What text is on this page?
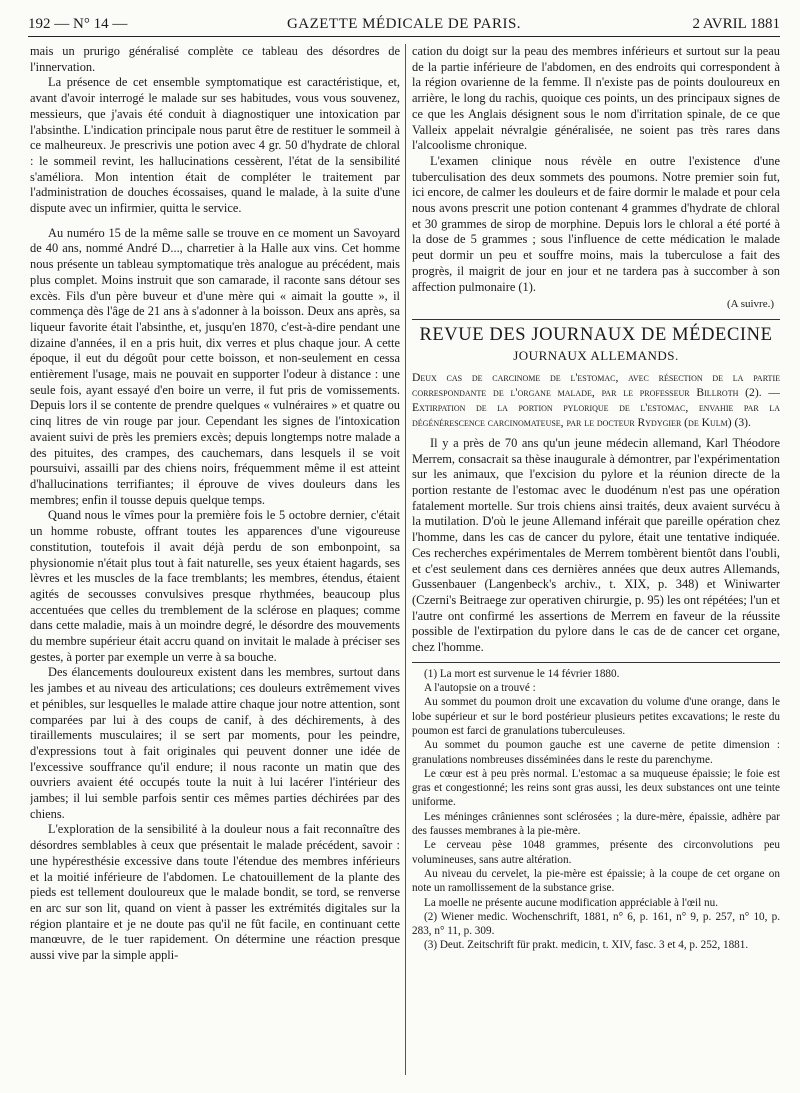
192 — N° 14 —	GAZETTE MÉDICALE DE PARIS.	2 AVRIL 1881

mais un prurigo généralisé complète ce tableau des désordres de l'innervation.

La présence de cet ensemble symptomatique est caractéristique, et, avant d'avoir interrogé le malade sur ses habitudes, vous vous souvenez, messieurs, que j'avais été conduit à diagnostiquer une intoxication par l'absinthe. L'indication principale nous parut être de restituer le sommeil à ce malheureux. Je prescrivis une potion avec 4 gr. 50 d'hydrate de chloral : le sommeil revint, les hallucinations cessèrent, l'état de la sensibilité s'améliora. Mon intention était de compléter le traitement par l'administration de douches écossaises, quand le malade, à la suite d'une dispute avec un infirmier, quitta le service.

Au numéro 15 de la même salle se trouve en ce moment un Savoyard de 40 ans, nommé André D..., charretier à la Halle aux vins. Cet homme nous présente un tableau symptomatique très analogue au précédent, mais plus complet. Moins instruit que son camarade, il raconte sans détour ses excès. Fils d'un père buveur et d'une mère qui « aimait la goutte », il commença dès l'âge de 21 ans à s'adonner à la boisson. Deux ans après, sa liqueur favorite était l'absinthe, et, jusqu'en 1870, c'est-à-dire pendant une dizaine d'années, il en a pris huit, dix verres et plus chaque jour. A cette époque, il eut du dégoût pour cette boisson, et non-seulement en cessa entièrement l'usage, mais ne pouvait en supporter l'odeur à distance : une seule fois, ayant essayé d'en boire un verre, il fut pris de vomissements. Depuis lors il se contente de prendre quelques « vulnéraires » et quatre ou cinq litres de vin rouge par jour. Cependant les signes de l'intoxication avaient suivi de près les premiers excès; depuis longtemps notre malade a des pituites, des crampes, des cauchemars, dans lesquels il se voit poursuivi, assailli par des chiens noirs, fréquemment même il est atteint d'hallucinations terrifiantes; il éprouve de vives douleurs dans les membres; enfin il tousse depuis quelque temps.

Quand nous le vîmes pour la première fois le 5 octobre dernier, c'était un homme robuste, offrant toutes les apparences d'une vigoureuse constitution, toutefois il avait déjà perdu de son embonpoint, sa physionomie n'était plus tout à fait naturelle, ses yeux étaient hagards, ses lèvres et les muscles de la face tremblants; les membres, étendus, étaient agités de secousses convulsives presque rhythmées, beaucoup plus accentuées que celles du tremblement de la sclérose en plaques; comme dans cette maladie, mais à un moindre degré, le désordre des mouvements du membre supérieur était accru quand on invitait le malade à préciser ses gestes, à porter par exemple un verre à sa bouche.

Des élancements douloureux existent dans les membres, surtout dans les jambes et au niveau des articulations; ces douleurs extrêmement vives et pénibles, sur lesquelles le malade attire chaque jour notre attention, sont comparées par lui à des coups de canif, à des déchirements, à des tiraillements musculaires; il se sert par moments, pour les peindre, d'expressions tout à fait originales qui peuvent donner une idée de l'excessive souffrance qu'il endure; il nous raconte un matin que des ouvriers avaient été occupés toute la nuit à lui lacérer l'intérieur des jambes; il lui semble parfois sentir ces mêmes parties déchirées par des chiens.

L'exploration de la sensibilité à la douleur nous a fait reconnaître des désordres semblables à ceux que présentait le malade précédent, savoir : une hypéresthésie excessive dans toute l'étendue des membres inférieurs et la moitié inférieure de l'abdomen. Le chatouillement de la plante des pieds est tellement douloureux que le malade bondit, se tord, se renverse en arc sur son lit, quand on vient à passer les extrémités digitales sur la région plantaire et je ne doute pas qu'il ne fût facile, en continuant cette manœuvre, de le tuer rapidement. On détermine une réaction presque aussi vive par la simple appli-

cation du doigt sur la peau des membres inférieurs et surtout sur la peau de la partie inférieure de l'abdomen, en des endroits qui correspondent à la région ovarienne de la femme. Il n'existe pas de points douloureux en arrière, le long du rachis, quoique ces points, un des principaux signes de ce que les Anglais désignent sous le nom d'irritation spinale, de ce que Valleix appelait névralgie généralisée, ne soient pas très rares dans l'alcoolisme chronique.

L'examen clinique nous révèle en outre l'existence d'une tuberculisation des deux sommets des poumons. Notre premier soin fut, ici encore, de calmer les douleurs et de faire dormir le malade et pour cela nous avons prescrit une potion contenant 4 grammes d'hydrate de chloral et 30 grammes de sirop de morphine. Depuis lors le chloral a été porté à la dose de 5 grammes ; sous l'influence de cette médication le malade peut dormir un peu et souffre moins, mais la tuberculose a fait des progrès, il maigrit de jour en jour et ne tardera pas à succomber à son affection pulmonaire (1).

(A suivre.)
REVUE DES JOURNAUX DE MÉDECINE
JOURNAUX ALLEMANDS.
Deux cas de carcinome de l'estomac, avec résection de la partie correspondante de l'organe malade, par le professeur Billroth (2). — Extirpation de la portion pylorique de l'estomac, envahie par la dégénérescence carcinomateuse, par le docteur Rydygier (de Kulm) (3).

Il y a près de 70 ans qu'un jeune médecin allemand, Karl Théodore Merrem, consacrait sa thèse inaugurale à démontrer, par l'expérimentation sur les animaux, que l'excision du pylore et la réunion directe de la portion restante de l'estomac avec le duodénum n'est pas une opération fatalement mortelle. Sur trois chiens ainsi traités, deux avaient survécu à la mutilation. D'où le jeune Allemand inférait que pareille opération chez l'homme, dans les cas de cancer du pylore, était une tentative indiquée. Ces recherches expérimentales de Merrem tombèrent bientôt dans l'oubli, et c'est seulement dans ces dernières années que deux autres Allemands, Gussenbauer (Langenbeck's archiv., t. XIX, p. 348) et Winiwarter (Czerni's Beitraege zur operativen chirurgie, p. 95) les ont répétées; l'un et l'autre ont confirmé les assertions de Merrem en faveur de la réussite possible de l'extirpation du pylore dans le cas de de cancer cet organe, chez l'homme.

(1) La mort est survenue le 14 février 1880.

A l'autopsie on a trouvé :

Au sommet du poumon droit une excavation du volume d'une orange, dans le lobe supérieur et sur le bord postérieur plusieurs petites excavations; le reste du poumon est farci de granulations tuberculeuses.

Au sommet du poumon gauche est une caverne de petite dimension : granulations nombreuses disséminées dans le reste du parenchyme.

Le cœur est à peu près normal. L'estomac a sa muqueuse épaissie; le foie est gras et congestionné; les reins sont gras aussi, les deux substances ont une teinte uniforme.

Les méninges crâniennes sont sclérosées ; la dure-mère, épaissie, adhère par des fausses membranes à la pie-mère.

Le cerveau pèse 1048 grammes, présente des circonvolutions peu volumineuses, sans autre altération.

Au niveau du cervelet, la pie-mère est épaissie; à la coupe de cet organe on note un ramollissement de la substance grise.

La moelle ne présente aucune modification appréciable à l'œil nu.

(2) Wiener medic. Wochenschrift, 1881, n° 6, p. 161, n° 9, p. 257, n° 10, p. 283, n° 11, p. 309.

(3) Deut. Zeitschrift für prakt. medicin, t. XIV, fasc. 3 et 4, p. 252, 1881.
